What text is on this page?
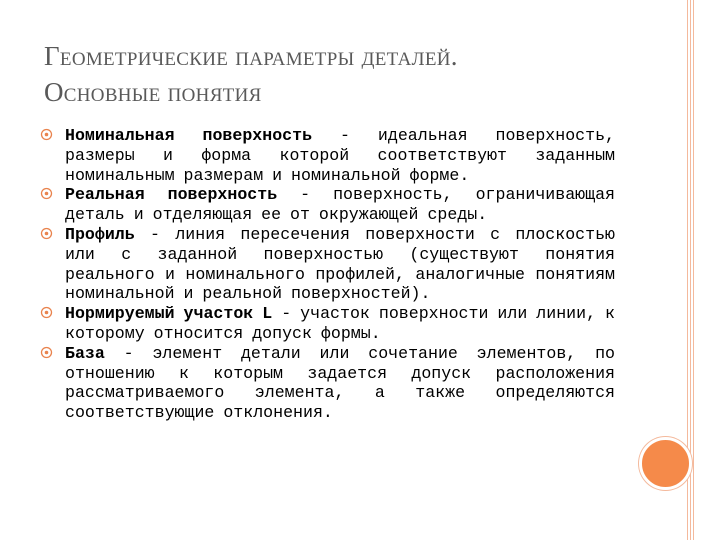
Геометрические параметры деталей.
Основные понятия
Номинальная поверхность - идеальная поверхность, размеры и форма которой соответствуют заданным номинальным размерам и номинальной форме.
Реальная поверхность - поверхность, ограничивающая деталь и отделяющая ее от окружающей среды.
Профиль - линия пересечения поверхности с плоскостью или с заданной поверхностью (существуют понятия реального и номинального профилей, аналогичные понятиям номинальной и реальной поверхностей).
Нормируемый участок L - участок поверхности или линии, к которому относится допуск формы.
База - элемент детали или сочетание элементов, по отношению к которым задается допуск расположения рассматриваемого элемента, а также определяются соответствующие отклонения.
